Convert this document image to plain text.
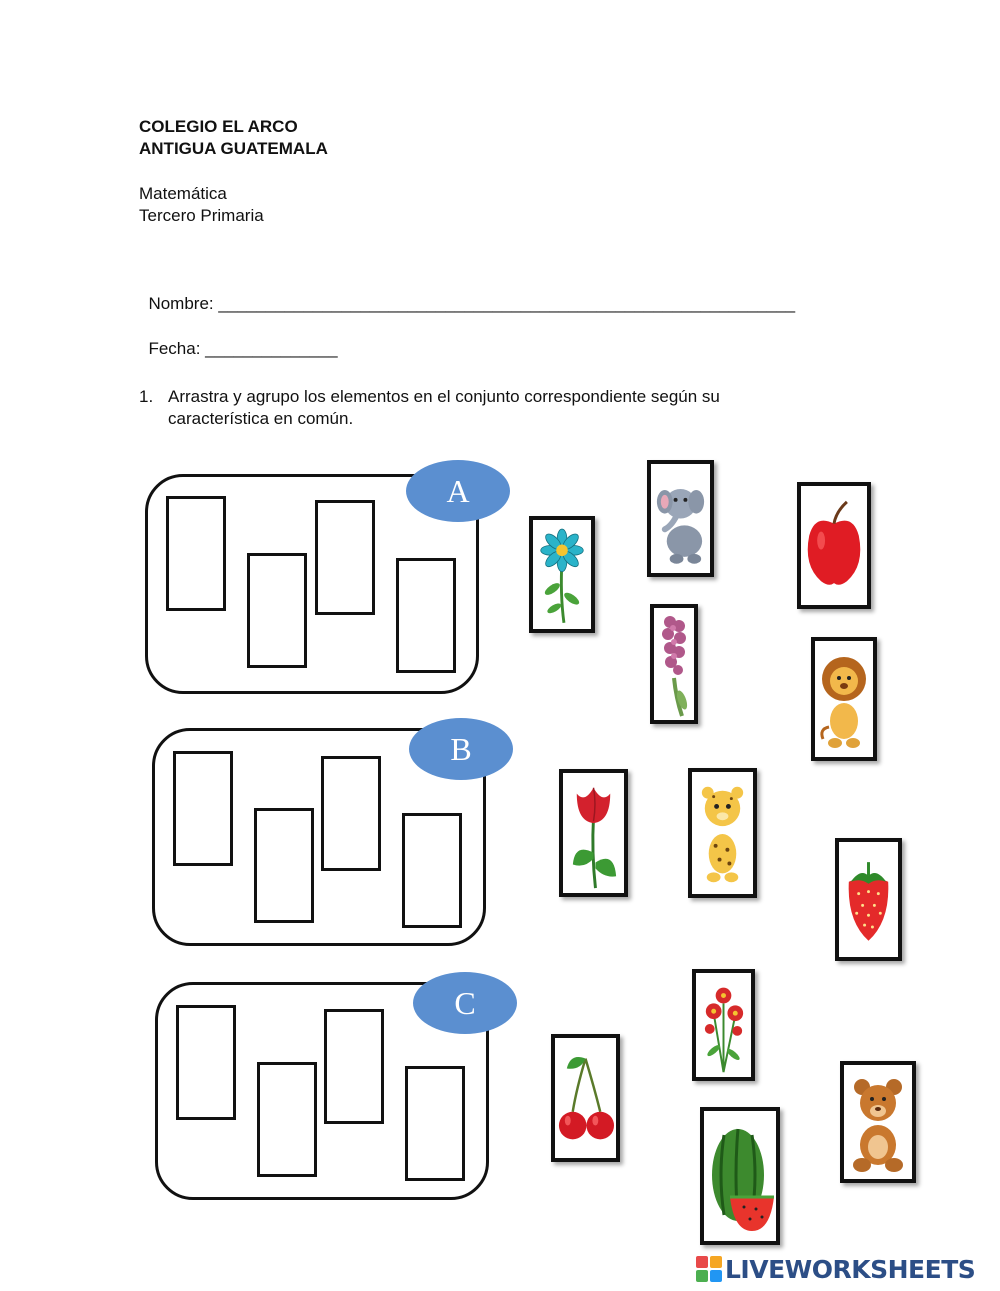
COLEGIO EL ARCO
ANTIGUA GUATEMALA
Matemática
Tercero Primaria

Nombre: _____________________________________________________________

Fecha: ______________

1. Arrastra y agrupo los elementos en el conjunto correspondiente según su
característica en común.
A
B
C
LIVEWORKSHEETS
